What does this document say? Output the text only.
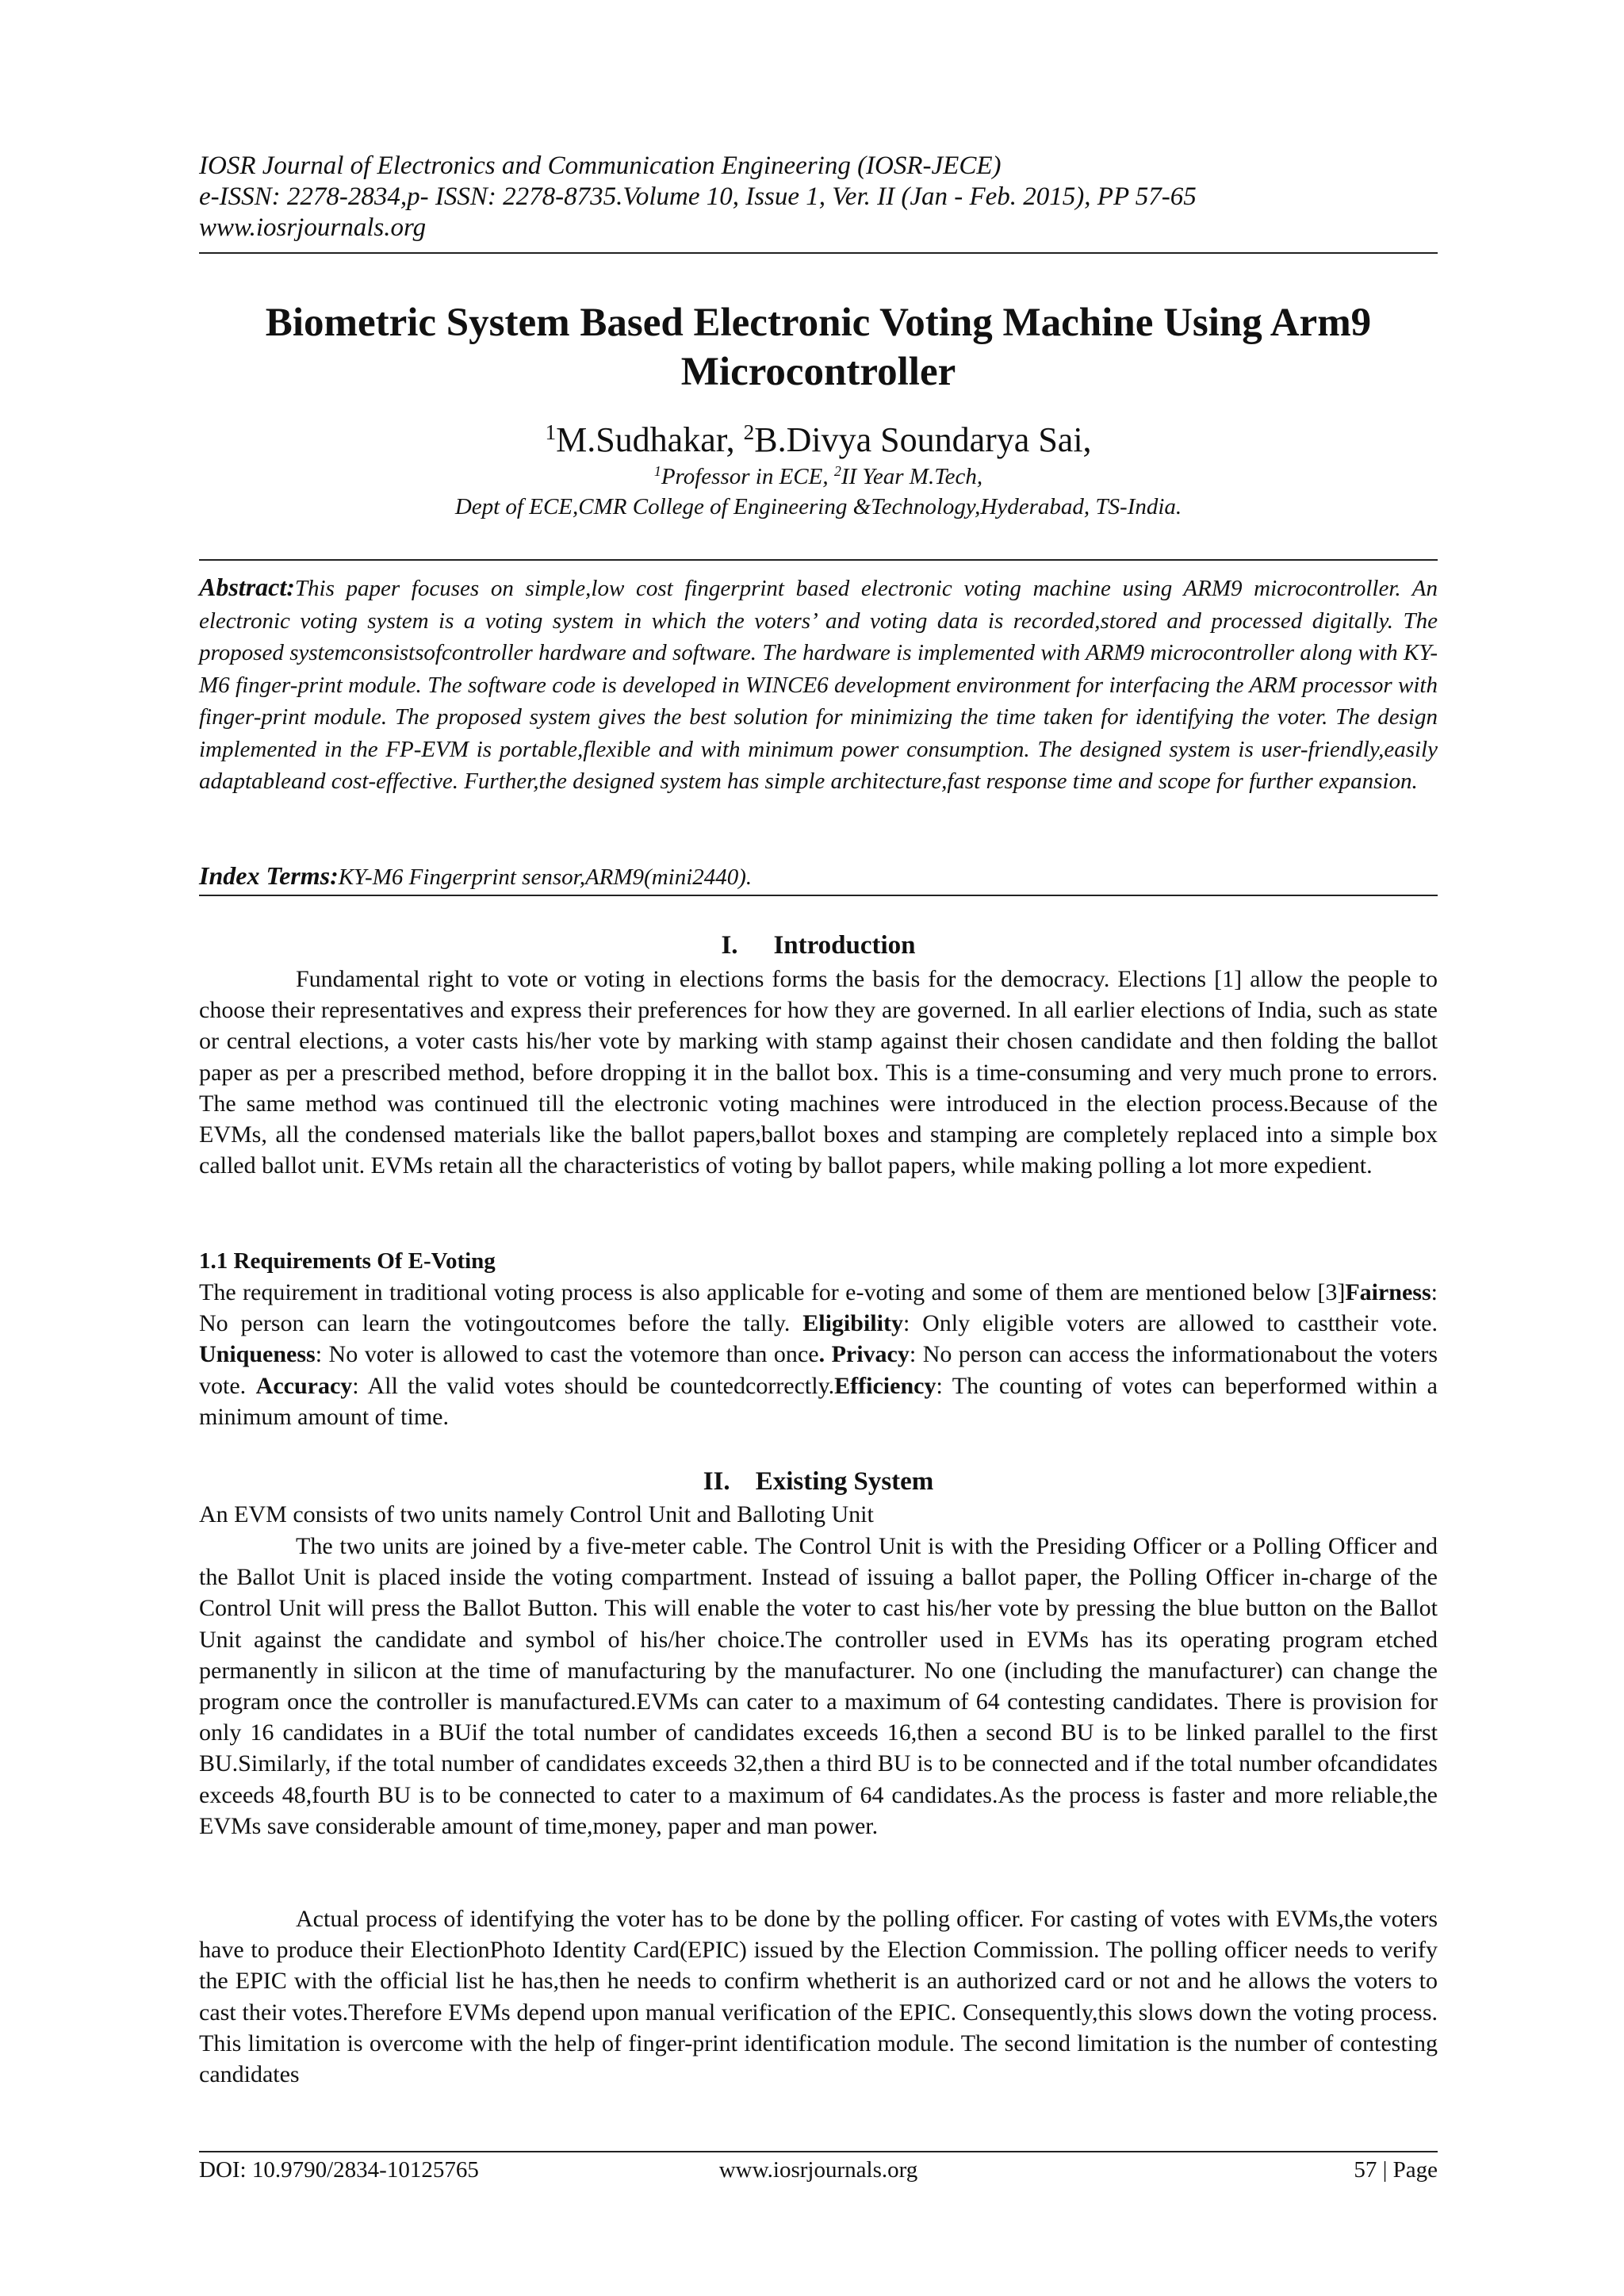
IOSR Journal of Electronics and Communication Engineering (IOSR-JECE)
e-ISSN: 2278-2834,p- ISSN: 2278-8735.Volume 10, Issue 1, Ver. II (Jan - Feb. 2015), PP 57-65
www.iosrjournals.org
Biometric System Based Electronic Voting Machine Using Arm9
Microcontroller
$^1$M.Sudhakar, $^2$B.Divya Soundarya Sai,
$^1$Professor in ECE, $^2$II Year M.Tech,
Dept of ECE,CMR College of Engineering &Technology,Hyderabad, TS-India.
Abstract:This paper focuses on simple,low cost fingerprint based electronic voting machine using ARM9 microcontroller. An electronic voting system is a voting system in which the voters’ and voting data is recorded,stored and processed digitally. The proposed systemconsistsofcontroller hardware and software. The hardware is implemented with ARM9 microcontroller along with KY-M6 finger-print module. The software code is developed in WINCE6 development environment for interfacing the ARM processor with finger-print module. The proposed system gives the best solution for minimizing the time taken for identifying the voter. The design implemented in the FP-EVM is portable,flexible and with minimum power consumption. The designed system is user-friendly,easily adaptableand cost-effective. Further,the designed system has simple architecture,fast response time and scope for further expansion.
Index Terms:KY-M6 Fingerprint sensor,ARM9(mini2440).
I. Introduction
Fundamental right to vote or voting in elections forms the basis for the democracy. Elections [1] allow the people to choose their representatives and express their preferences for how they are governed. In all earlier elections of India, such as state or central elections, a voter casts his/her vote by marking with stamp against their chosen candidate and then folding the ballot paper as per a prescribed method, before dropping it in the ballot box. This is a time-consuming and very much prone to errors. The same method was continued till the electronic voting machines were introduced in the election process.Because of the EVMs, all the condensed materials like the ballot papers,ballot boxes and stamping are completely replaced into a simple box called ballot unit. EVMs retain all the characteristics of voting by ballot papers, while making polling a lot more expedient.
1.1 Requirements Of E-Voting
The requirement in traditional voting process is also applicable for e-voting and some of them are mentioned below [3]Fairness: No person can learn the votingoutcomes before the tally. Eligibility: Only eligible voters are allowed to casttheir vote. Uniqueness: No voter is allowed to cast the votemore than once. Privacy: No person can access the informationabout the voters vote. Accuracy: All the valid votes should be countedcorrectly.Efficiency: The counting of votes can beperformed within a minimum amount of time.
II. Existing System
An EVM consists of two units namely Control Unit and Balloting Unit
The two units are joined by a five-meter cable. The Control Unit is with the Presiding Officer or a Polling Officer and the Ballot Unit is placed inside the voting compartment. Instead of issuing a ballot paper, the Polling Officer in-charge of the Control Unit will press the Ballot Button. This will enable the voter to cast his/her vote by pressing the blue button on the Ballot Unit against the candidate and symbol of his/her choice.The controller used in EVMs has its operating program etched permanently in silicon at the time of manufacturing by the manufacturer. No one (including the manufacturer) can change the program once the controller is manufactured.EVMs can cater to a maximum of 64 contesting candidates. There is provision for only 16 candidates in a BUif the total number of candidates exceeds 16,then a second BU is to be linked parallel to the first BU.Similarly, if the total number of candidates exceeds 32,then a third BU is to be connected and if the total number ofcandidates exceeds 48,fourth BU is to be connected to cater to a maximum of 64 candidates.As the process is faster and more reliable,the EVMs save considerable amount of time,money, paper and man power.
Actual process of identifying the voter has to be done by the polling officer. For casting of votes with EVMs,the voters have to produce their ElectionPhoto Identity Card(EPIC) issued by the Election Commission. The polling officer needs to verify the EPIC with the official list he has,then he needs to confirm whetherit is an authorized card or not and he allows the voters to cast their votes.Therefore EVMs depend upon manual verification of the EPIC. Consequently,this slows down the voting process. This limitation is overcome with the help of finger-print identification module. The second limitation is the number of contesting candidates
DOI: 10.9790/2834-10125765	www.iosrjournals.org	57 | Page
